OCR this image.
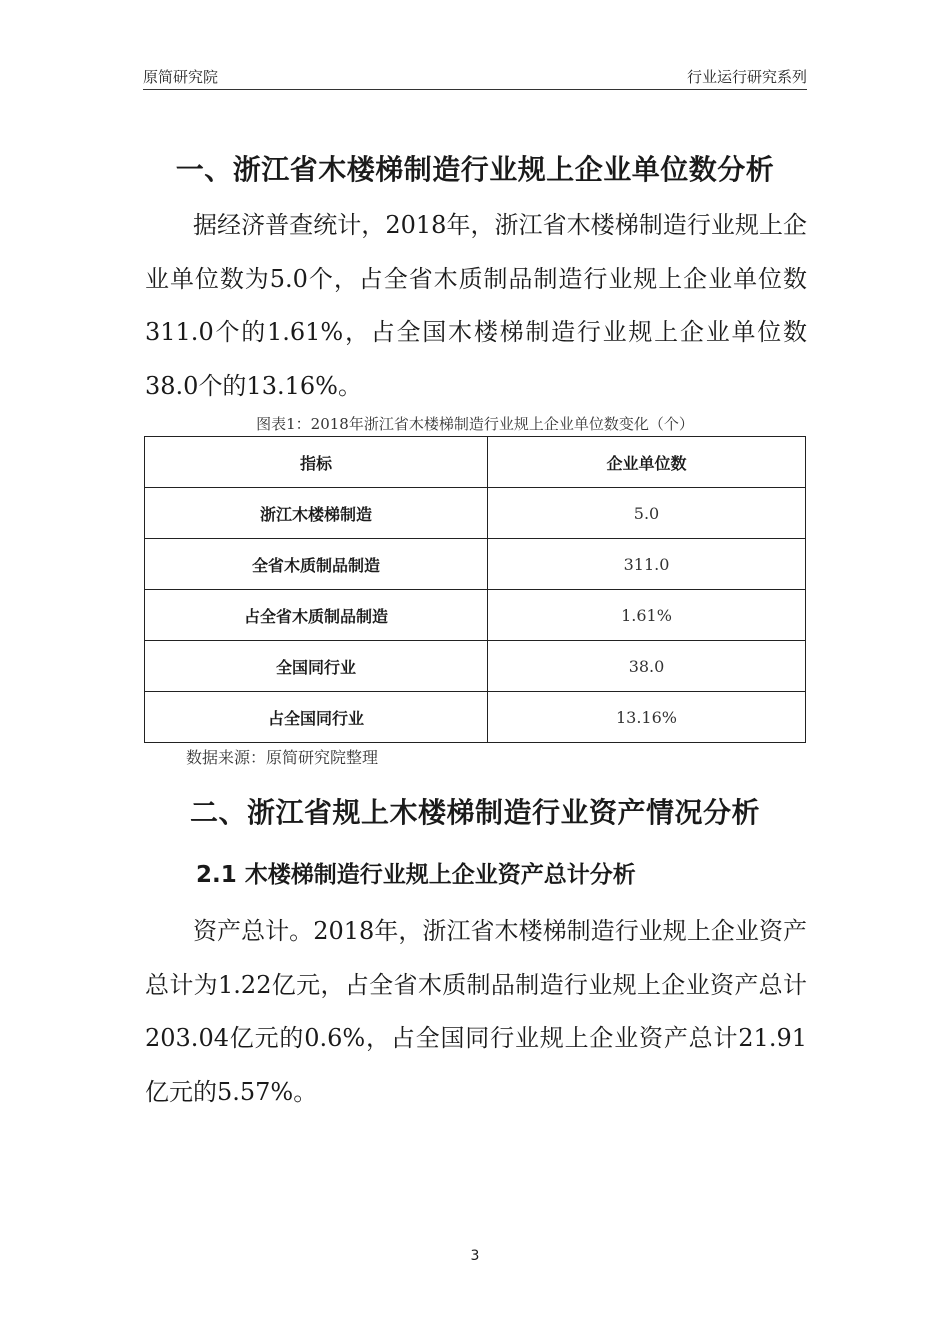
原简研究院	行业运行研究系列
一、浙江省木楼梯制造行业规上企业单位数分析

据经济普查统计，2018年，浙江省木楼梯制造行业规上企业单位数为5.0个，占全省木质制品制造行业规上企业单位数311.0个的1.61%，占全国木楼梯制造行业规上企业单位数38.0个的13.16%。

图表1：2018年浙江省木楼梯制造行业规上企业单位数变化（个）
指标	企业单位数
浙江木楼梯制造	5.0
全省木质制品制造	311.0
占全省木质制品制造	1.61%
全国同行业	38.0
占全国同行业	13.16%
数据来源：原简研究院整理
二、浙江省规上木楼梯制造行业资产情况分析
2.1 木楼梯制造行业规上企业资产总计分析

资产总计。2018年，浙江省木楼梯制造行业规上企业资产总计为1.22亿元，占全省木质制品制造行业规上企业资产总计203.04亿元的0.6%，占全国同行业规上企业资产总计21.91亿元的5.57%。

3
